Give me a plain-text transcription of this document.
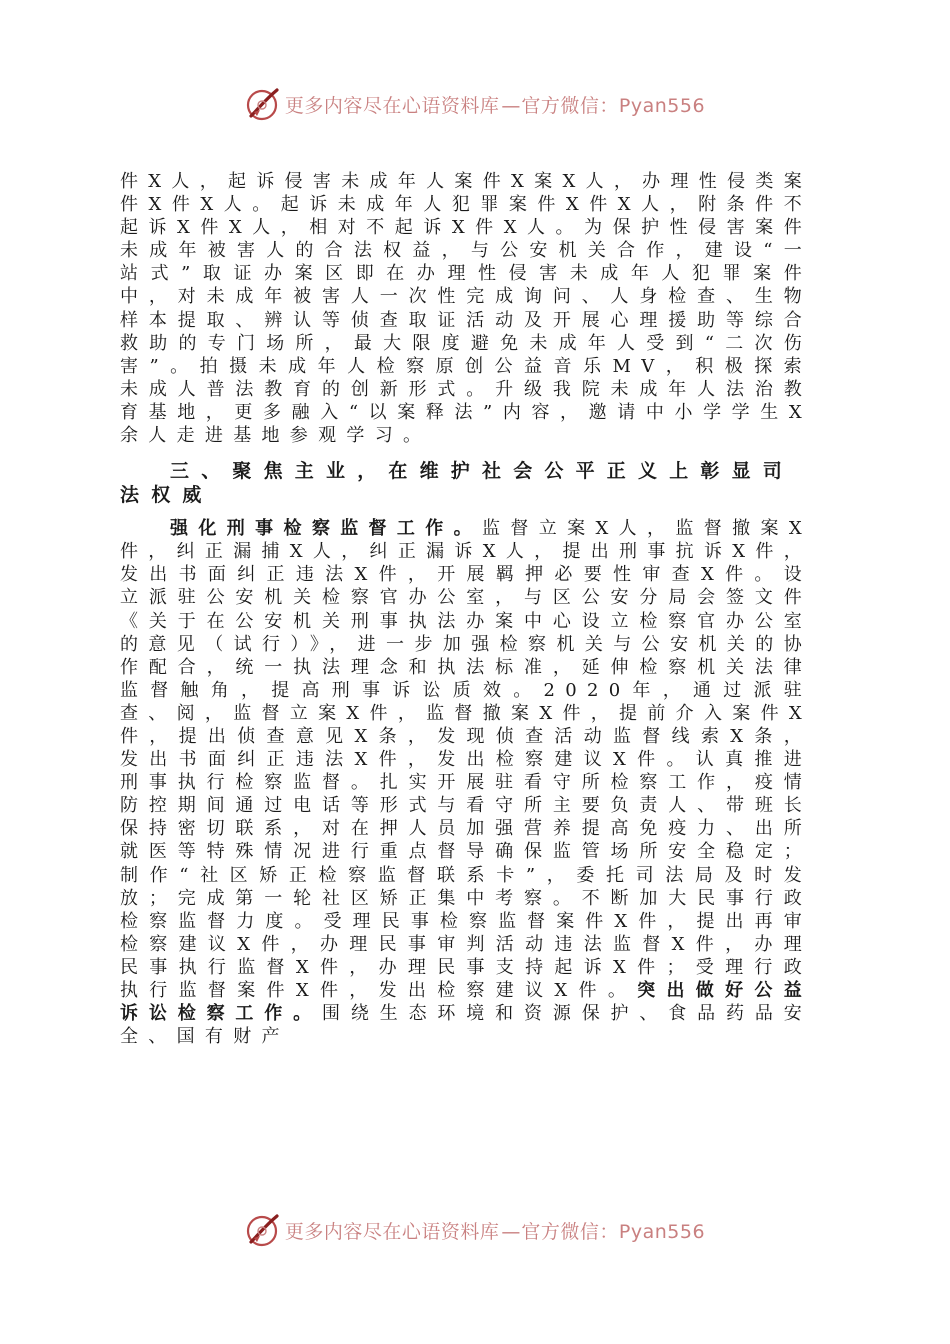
更多内容尽在心语资料库 — 官方微信：Pyan556

件X人，起诉侵害未成年人案件X案X人，办理性侵类案件X件X人。起诉未成年人犯罪案件X件X人，附条件不起诉X件X人，相对不起诉X件X人。为保护性侵害案件未成年被害人的合法权益，与公安机关合作，建设“一站式”取证办案区即在办理性侵害未成年人犯罪案件中，对未成年被害人一次性完成询问、人身检查、生物样本提取、辨认等侦查取证活动及开展心理援助等综合救助的专门场所，最大限度避免未成年人受到“二次伤害”。拍摄未成年人检察原创公益音乐MV，积极探索未成人普法教育的创新形式。升级我院未成年人法治教育基地，更多融入“以案释法”内容，邀请中小学学生X余人走进基地参观学习。

三、聚焦主业，在维护社会公平正义上彰显司法权威

强化刑事检察监督工作。监督立案X人，监督撤案X件，纠正漏捕X人，纠正漏诉X人，提出刑事抗诉X件，发出书面纠正违法X件，开展羁押必要性审查X件。设立派驻公安机关检察官办公室，与区公安分局会签文件《关于在公安机关刑事执法办案中心设立检察官办公室的意见（试行）》，进一步加强检察机关与公安机关的协作配合，统一执法理念和执法标准，延伸检察机关法律监督触角，提高刑事诉讼质效。2020年，通过派驻查、阅，监督立案X件，监督撤案X件，提前介入案件X件，提出侦查意见X条，发现侦查活动监督线索X条，发出书面纠正违法X件，发出检察建议X件。认真推进刑事执行检察监督。扎实开展驻看守所检察工作，疫情防控期间通过电话等形式与看守所主要负责人、带班长保持密切联系，对在押人员加强营养提高免疫力、出所就医等特殊情况进行重点督导确保监管场所安全稳定；制作“社区矫正检察监督联系卡”，委托司法局及时发放；完成第一轮社区矫正集中考察。不断加大民事行政检察监督力度。受理民事检察监督案件X件，提出再审检察建议X件，办理民事审判活动违法监督X件，办理民事执行监督X件，办理民事支持起诉X件；受理行政执行监督案件X件，发出检察建议X件。突出做好公益诉讼检察工作。围绕生态环境和资源保护、食品药品安全、国有财产

更多内容尽在心语资料库 — 官方微信：Pyan556
